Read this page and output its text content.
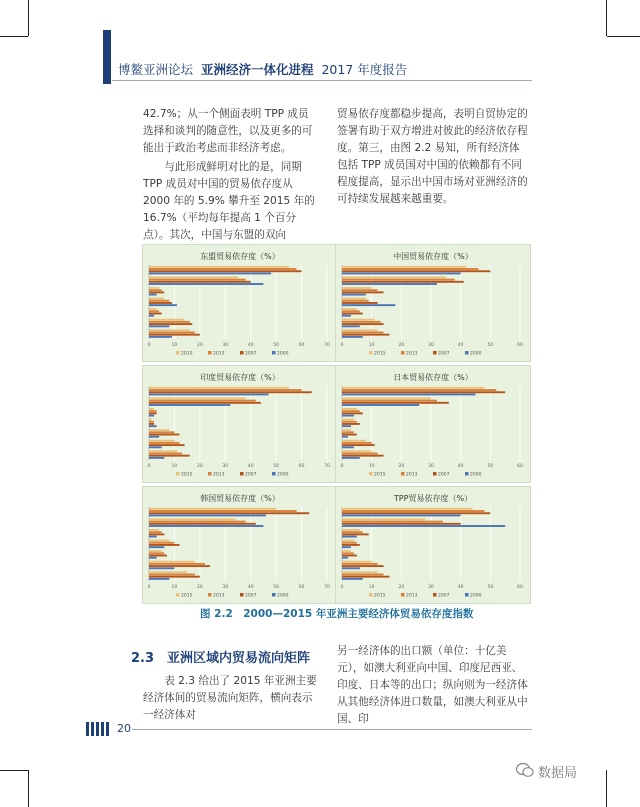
博鳌亚洲论坛 亚洲经济一体化进程 2017 年度报告

42.7%；从一个侧面表明 TPP 成员选择和谈判的随意性，以及更多的可能出于政治考虑而非经济考虑。

与此形成鲜明对比的是，同期 TPP 成员对中国的贸易依存度从 2000 年的 5.9% 攀升至 2015 年的 16.7%（平均每年提高 1 个百分点）。其次，中国与东盟的双向

贸易依存度都稳步提高，表明自贸协定的签署有助于双方增进对彼此的经济依存程度。第三，由图 2.2 易知，所有经济体包括 TPP 成员国对中国的依赖都有不同程度提高，显示出中国市场对亚洲经济的可持续发展越来越重要。

0	10	20	30	40	50	60	70
2010	2013	2007	2000
东盟贸易依存度（%）
0	10	20	30	40	50	60
2015	2013	2007	2000
中国贸易依存度（%）
0	10	20	30	40	50	60	70
2015	2013	2007	2000
印度贸易依存度（%）
0	10	20	30	40	50	60
2015	2013	2007	2000
日本贸易依存度（%）
0	10	20	30	40	50	60	70
2015	2013	2007	2000
韩国贸易依存度（%）
0	10	20	30	40	50	60
2015	2013	2007	2000
TPP贸易依存度（%）
图 2.2　2000—2015 年亚洲主要经济体贸易依存度指数
2.3　亚洲区域内贸易流向矩阵
表 2.3 给出了 2015 年亚洲主要经济体间的贸易流向矩阵，横向表示一经济体对
另一经济体的出口额（单位：十亿美元），如澳大利亚向中国、印度尼西亚、印度、日本等的出口；纵向则为一经济体从其他经济体进口数量，如澳大利亚从中国、印
20
数据局
